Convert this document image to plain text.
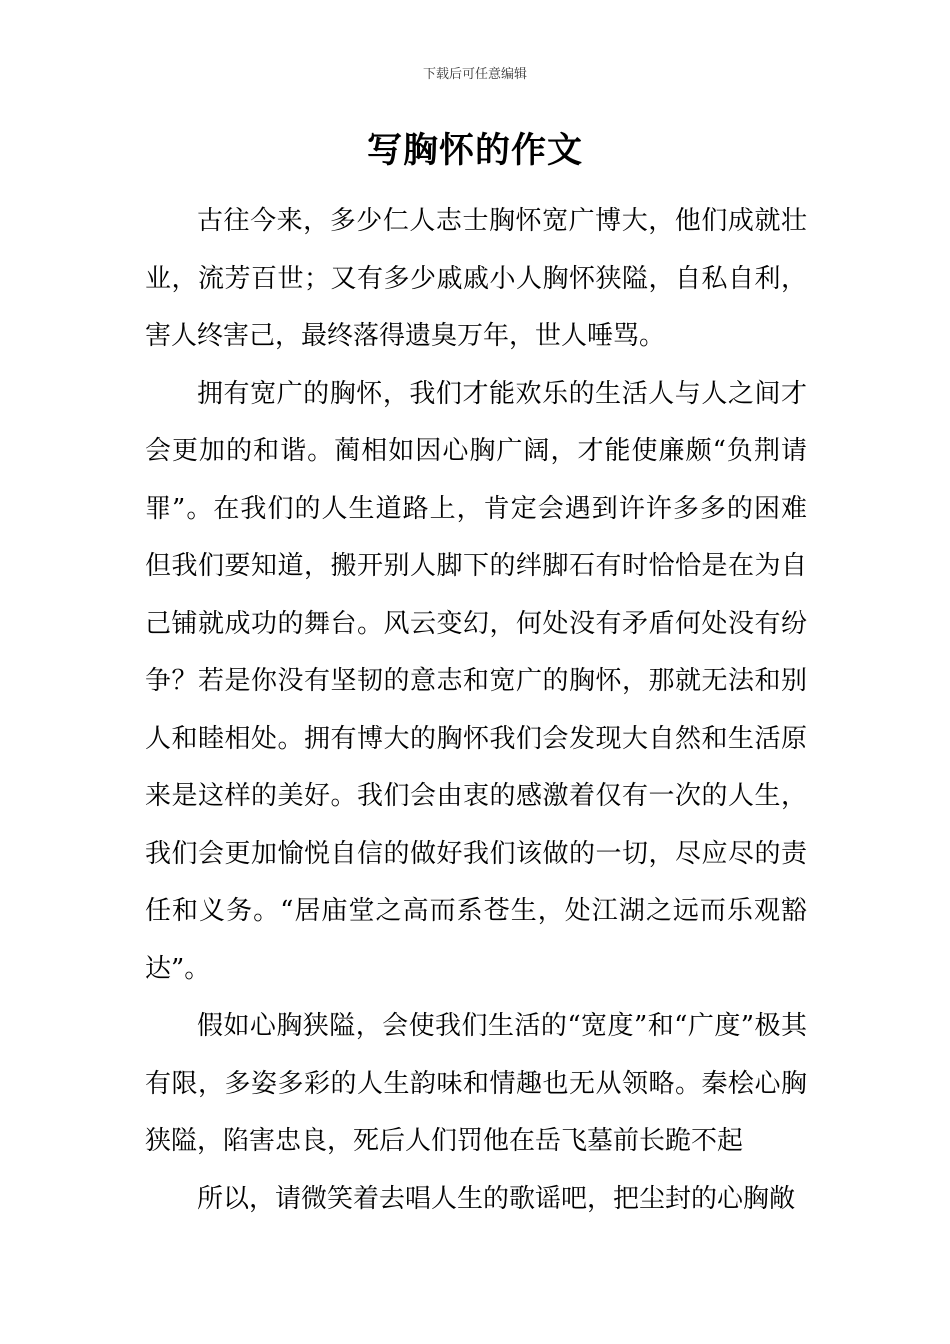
下载后可任意编辑
写胸怀的作文

古往今来，多少仁人志士胸怀宽广博大，他们成就壮业，流芳百世；又有多少戚戚小人胸怀狭隘，自私自利，害人终害己，最终落得遗臭万年，世人唾骂。

拥有宽广的胸怀，我们才能欢乐的生活人与人之间才会更加的和谐。蔺相如因心胸广阔，才能使廉颇“负荆请罪”。在我们的人生道路上，肯定会遇到许许多多的困难但我们要知道，搬开别人脚下的绊脚石有时恰恰是在为自己铺就成功的舞台。风云变幻，何处没有矛盾何处没有纷争？若是你没有坚韧的意志和宽广的胸怀，那就无法和别人和睦相处。拥有博大的胸怀我们会发现大自然和生活原来是这样的美好。我们会由衷的感激着仅有一次的人生，我们会更加愉悦自信的做好我们该做的一切，尽应尽的责任和义务。“居庙堂之高而系苍生，处江湖之远而乐观豁达”。

假如心胸狭隘，会使我们生活的“宽度”和“广度”极其有限，多姿多彩的人生韵味和情趣也无从领略。秦桧心胸狭隘，陷害忠良，死后人们罚他在岳飞墓前长跪不起

所以，请微笑着去唱人生的歌谣吧，把尘封的心胸敞
